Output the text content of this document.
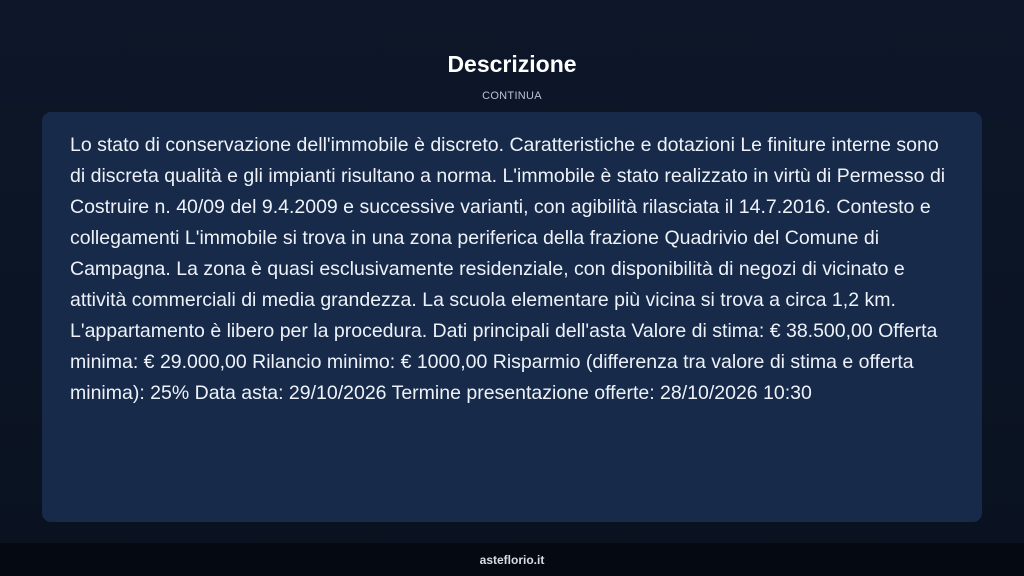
Descrizione
CONTINUA

Lo stato di conservazione dell'immobile è discreto. Caratteristiche e dotazioni Le finiture interne sono di discreta qualità e gli impianti risultano a norma. L'immobile è stato realizzato in virtù di Permesso di Costruire n. 40/09 del 9.4.2009 e successive varianti, con agibilità rilasciata il 14.7.2016. Contesto e collegamenti L'immobile si trova in una zona periferica della frazione Quadrivio del Comune di Campagna. La zona è quasi esclusivamente residenziale, con disponibilità di negozi di vicinato e attività commerciali di media grandezza. La scuola elementare più vicina si trova a circa 1,2 km. L'appartamento è libero per la procedura. Dati principali dell'asta Valore di stima: € 38.500,00 Offerta minima: € 29.000,00 Rilancio minimo: € 1000,00 Risparmio (differenza tra valore di stima e offerta minima): 25% Data asta: 29/10/2026 Termine presentazione offerte: 28/10/2026 10:30

asteflorio.it
